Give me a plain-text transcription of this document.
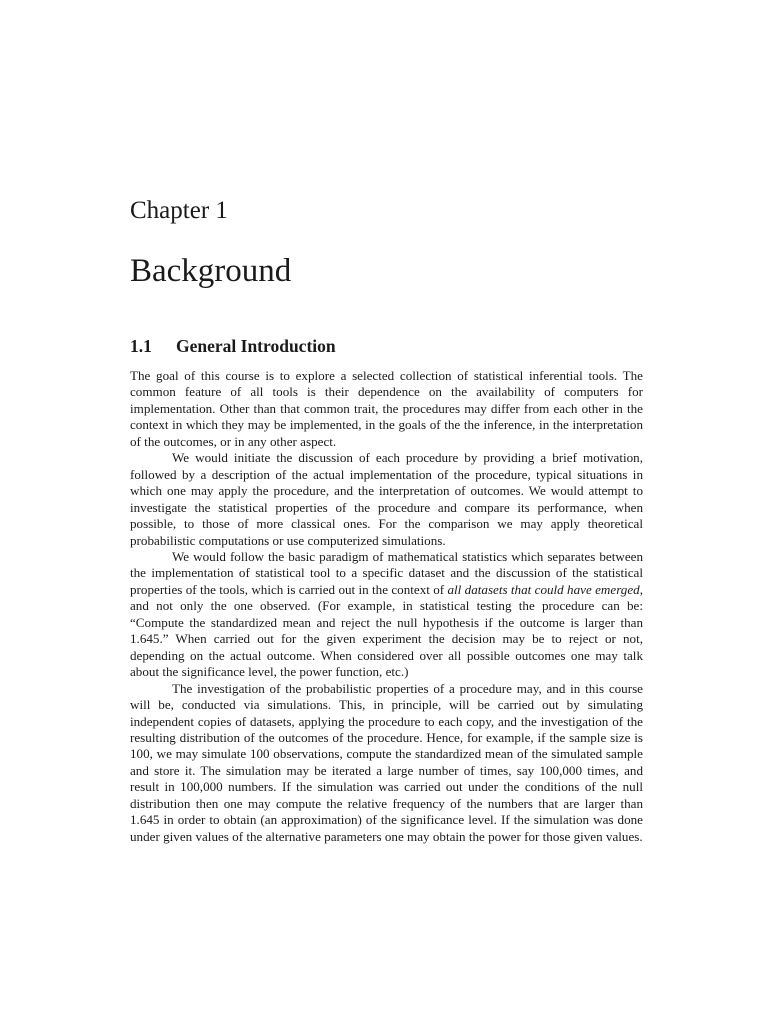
Chapter 1
Background
1.1 General Introduction

The goal of this course is to explore a selected collection of statistical inferential tools. The common feature of all tools is their dependence on the availability of computers for implementation. Other than that common trait, the procedures may differ from each other in the context in which they may be implemented, in the goals of the the inference, in the interpretation of the outcomes, or in any other aspect.

We would initiate the discussion of each procedure by providing a brief motivation, followed by a description of the actual implementation of the procedure, typical situations in which one may apply the procedure, and the interpretation of outcomes. We would attempt to investigate the statistical properties of the procedure and compare its performance, when possible, to those of more classical ones. For the comparison we may apply theoretical probabilistic computations or use computerized simulations.

We would follow the basic paradigm of mathematical statistics which separates between the implementation of statistical tool to a specific dataset and the discussion of the statistical properties of the tools, which is carried out in the context of all datasets that could have emerged, and not only the one observed. (For example, in statistical testing the procedure can be: “Compute the standardized mean and reject the null hypothesis if the outcome is larger than 1.645.” When carried out for the given experiment the decision may be to reject or not, depending on the actual outcome. When considered over all possible outcomes one may talk about the significance level, the power function, etc.)

The investigation of the probabilistic properties of a procedure may, and in this course will be, conducted via simulations. This, in principle, will be carried out by simulating independent copies of datasets, applying the procedure to each copy, and the investigation of the resulting distribution of the outcomes of the procedure. Hence, for example, if the sample size is 100, we may simulate 100 observations, compute the standardized mean of the simulated sample and store it. The simulation may be iterated a large number of times, say 100,000 times, and result in 100,000 numbers. If the simulation was carried out under the conditions of the null distribution then one may compute the relative frequency of the numbers that are larger than 1.645 in order to obtain (an approximation) of the significance level. If the simulation was done under given values of the alternative parameters one may obtain the power for those given values.
